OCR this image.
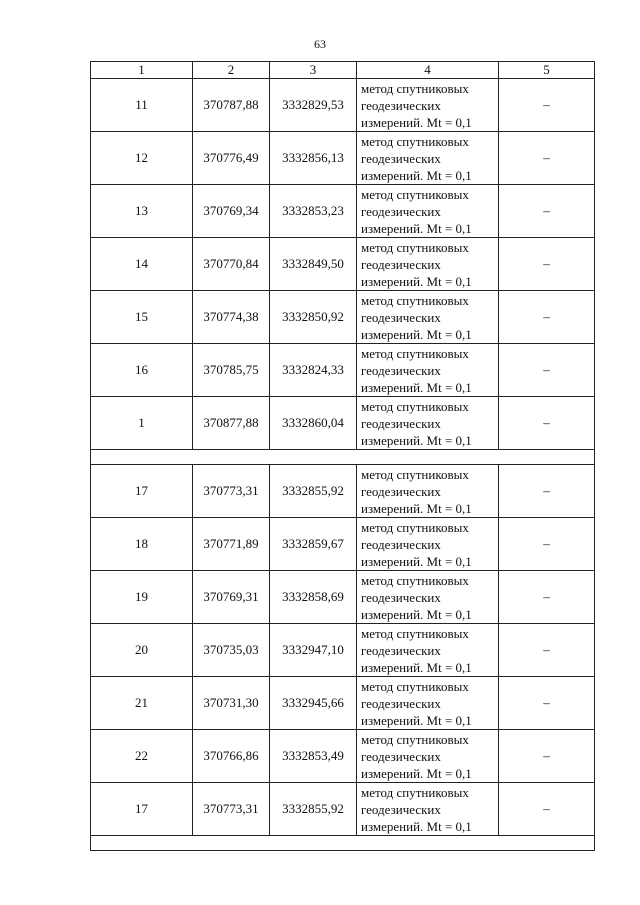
63
1	2	3	4	5
11	370787,88	3332829,53	метод спутниковых
геодезических
измерений. Mt = 0,1	–
12	370776,49	3332856,13	метод спутниковых
геодезических
измерений. Mt = 0,1	–
13	370769,34	3332853,23	метод спутниковых
геодезических
измерений. Mt = 0,1	–
14	370770,84	3332849,50	метод спутниковых
геодезических
измерений. Mt = 0,1	–
15	370774,38	3332850,92	метод спутниковых
геодезических
измерений. Mt = 0,1	–
16	370785,75	3332824,33	метод спутниковых
геодезических
измерений. Mt = 0,1	–
1	370877,88	3332860,04	метод спутниковых
геодезических
измерений. Mt = 0,1	–

17	370773,31	3332855,92	метод спутниковых
геодезических
измерений. Mt = 0,1	–
18	370771,89	3332859,67	метод спутниковых
геодезических
измерений. Mt = 0,1	–
19	370769,31	3332858,69	метод спутниковых
геодезических
измерений. Mt = 0,1	–
20	370735,03	3332947,10	метод спутниковых
геодезических
измерений. Mt = 0,1	–
21	370731,30	3332945,66	метод спутниковых
геодезических
измерений. Mt = 0,1	–
22	370766,86	3332853,49	метод спутниковых
геодезических
измерений. Mt = 0,1	–
17	370773,31	3332855,92	метод спутниковых
геодезических
измерений. Mt = 0,1	–
